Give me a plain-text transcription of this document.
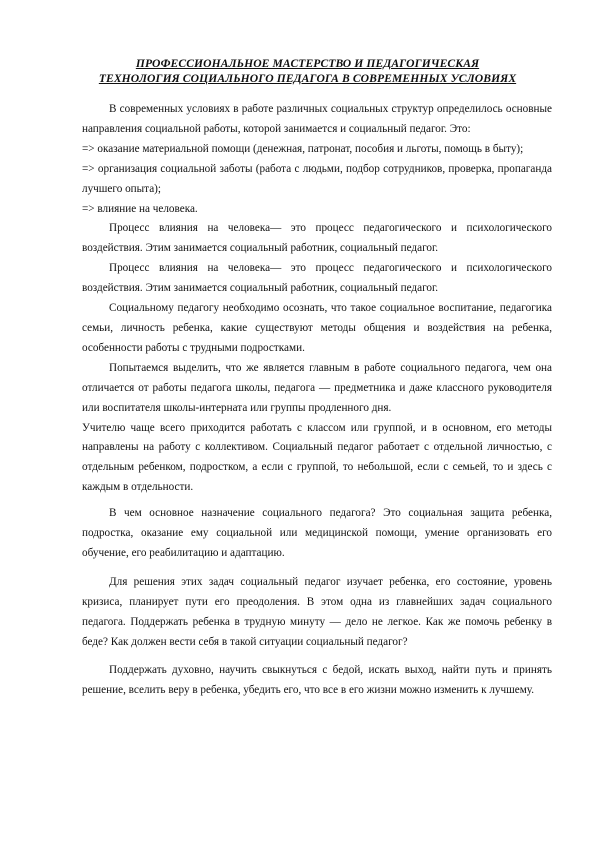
ПРОФЕССИОНАЛЬНОЕ МАСТЕРСТВО И ПЕДАГОГИЧЕСКАЯ
ТЕХНОЛОГИЯ СОЦИАЛЬНОГО ПЕДАГОГА В СОВРЕМЕННЫХ УСЛОВИЯХ

В современных условиях в работе различных социальных структур определилось основные направления социальной работы, которой занимается и социальный педагог. Это:

=> оказание материальной помощи (денежная, патронат, пособия и льготы, помощь в быту);

=> организация социальной заботы (работа с людьми, подбор сотрудников, проверка, пропаганда лучшего опыта);

=> влияние на человека.

Процесс влияния на человека— это процесс педагогического и психологического воздействия. Этим занимается социальный работник, социальный педагог.

Процесс влияния на человека— это процесс педагогического и психологического воздействия. Этим занимается социальный работник, социальный педагог.

Социальному педагогу необходимо осознать, что такое социальное воспитание, педагогика семьи, личность ребенка, какие существуют методы общения и воздействия на ребенка, особенности работы с трудными подростками.

Попытаемся выделить, что же является главным в работе социального педагога, чем она отличается от работы педагога школы, педагога — предметника и даже классного руководителя или воспитателя школы-интерната или группы продленного дня.

Учителю чаще всего приходится работать с классом или группой, и в основном, его методы направлены на работу с коллективом. Социальный педагог работает с отдельной личностью, с отдельным ребенком, подростком, а если с группой, то небольшой, если с семьей, то и здесь с каждым в отдельности.

В чем основное назначение социального педагога? Это социальная защита ребенка, подростка, оказание ему социальной или медицинской помощи, умение организовать его обучение, его реабилитацию и адаптацию.

Для решения этих задач социальный педагог изучает ребенка, его состояние, уровень кризиса, планирует пути его преодоления. В этом одна из главнейших задач социального педагога. Поддержать ребенка в трудную минуту — дело не легкое. Как же помочь ребенку в беде? Как должен вести себя в такой ситуации социальный педагог?

Поддержать духовно, научить свыкнуться с бедой, искать выход, найти путь и принять решение, вселить веру в ребенка, убедить его, что все в его жизни можно изменить к лучшему.
